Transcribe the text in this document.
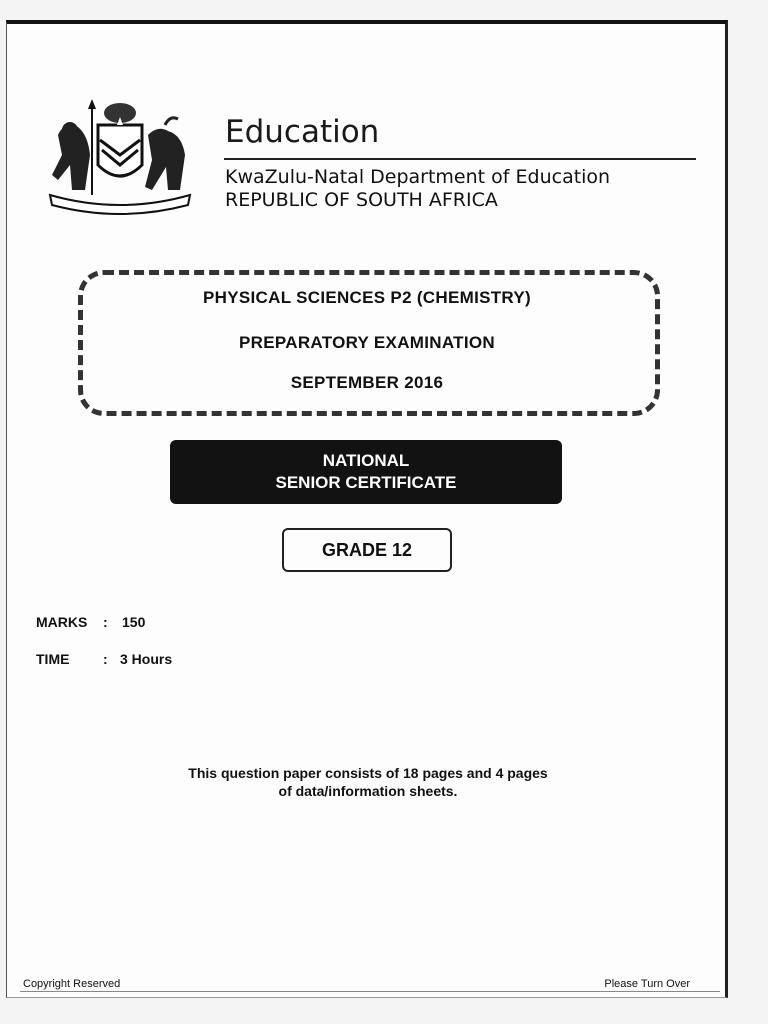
Education
KwaZulu-Natal Department of Education
REPUBLIC OF SOUTH AFRICA
PHYSICAL SCIENCES P2 (CHEMISTRY)
PREPARATORY EXAMINATION
SEPTEMBER 2016
NATIONAL
SENIOR CERTIFICATE
GRADE 12
MARKS : 150
TIME : 3 Hours
This question paper consists of 18 pages and 4 pages
of data/information sheets.
Copyright Reserved	Please Turn Over
